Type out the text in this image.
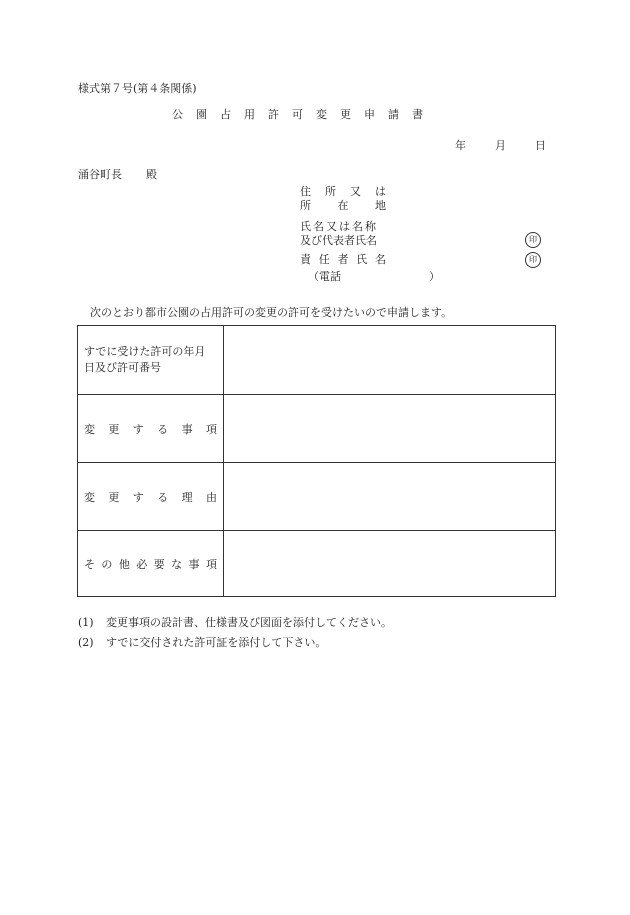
様式第７号(第４条関係)
公 園 占 用 許 可 変 更 申 請 書
年	月	日
涌谷町長 殿
住 所 又 は
所 在 地
氏名又は名称
及び代表者氏名	印
責 任 者 氏 名	印
（電話	）
次のとおり都市公園の占用許可の変更の許可を受けたいので申請します。
すでに受けた許可の年月
日及び許可番号
変 更 す る 事 項
変 更 す る 理 由
そ の 他 必 要 な 事 項
(1) 変更事項の設計書、仕様書及び図面を添付してください。
(2) すでに交付された許可証を添付して下さい。
